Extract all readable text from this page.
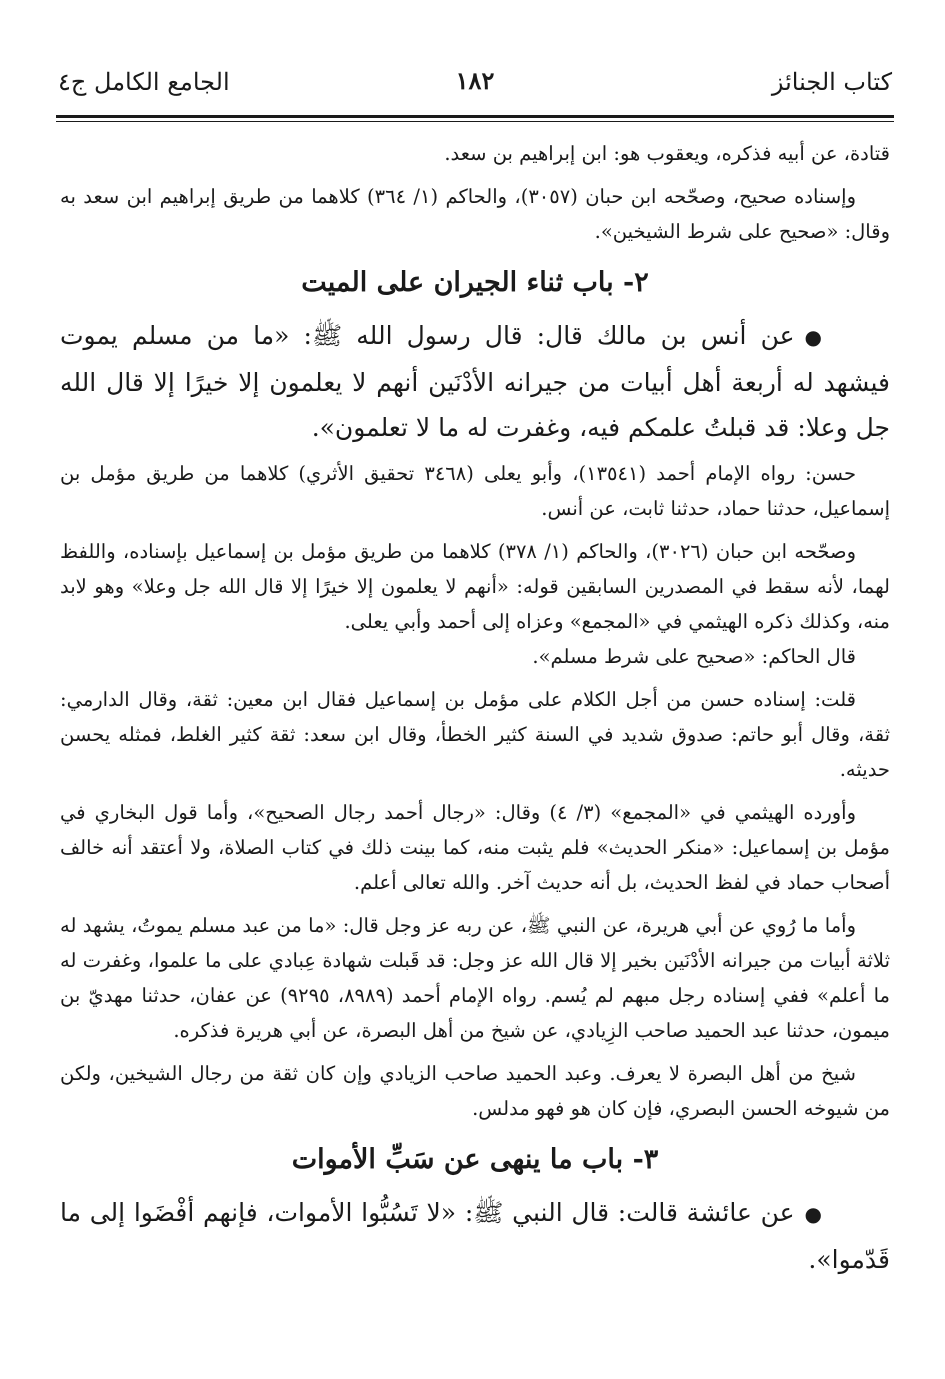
كتاب الجنائز
١٨٢
الجامع الكامل ج٤

قتادة، عن أبيه فذكره، ويعقوب هو: ابن إبراهيم بن سعد.

وإسناده صحيح، وصحّحه ابن حبان (٣٠٥٧)، والحاكم (١/ ٣٦٤) كلاهما من طريق إبراهيم ابن سعد به وقال: «صحيح على شرط الشيخين».

٢- باب ثناء الجيران على الميت

●عن أنس بن مالك قال: قال رسول الله ﷺ: «ما من مسلم يموت فيشهد له أربعة أهل أبيات من جيرانه الأدْنَين أنهم لا يعلمون إلا خيرًا إلا قال الله جل وعلا: قد قبلتُ علمكم فيه، وغفرت له ما لا تعلمون».

حسن: رواه الإمام أحمد (١٣٥٤١)، وأبو يعلى (٣٤٦٨ تحقيق الأثري) كلاهما من طريق مؤمل بن إسماعيل، حدثنا حماد، حدثنا ثابت، عن أنس.

وصحّحه ابن حبان (٣٠٢٦)، والحاكم (١/ ٣٧٨) كلاهما من طريق مؤمل بن إسماعيل بإسناده، واللفظ لهما، لأنه سقط في المصدرين السابقين قوله: «أنهم لا يعلمون إلا خيرًا إلا قال الله جل وعلا» وهو لابد منه، وكذلك ذكره الهيثمي في «المجمع» وعزاه إلى أحمد وأبي يعلى.

قال الحاكم: «صحيح على شرط مسلم».

قلت: إسناده حسن من أجل الكلام على مؤمل بن إسماعيل فقال ابن معين: ثقة، وقال الدارمي: ثقة، وقال أبو حاتم: صدوق شديد في السنة كثير الخطأ، وقال ابن سعد: ثقة كثير الغلط، فمثله يحسن حديثه.

وأورده الهيثمي في «المجمع» (٣/ ٤) وقال: «رجال أحمد رجال الصحيح»، وأما قول البخاري في مؤمل بن إسماعيل: «منكر الحديث» فلم يثبت منه، كما بينت ذلك في كتاب الصلاة، ولا أعتقد أنه خالف أصحاب حماد في لفظ الحديث، بل أنه حديث آخر. والله تعالى أعلم.

وأما ما رُوي عن أبي هريرة، عن النبي ﷺ، عن ربه عز وجل قال: «ما من عبد مسلم يموتُ، يشهد له ثلاثة أبيات من جيرانه الأدْنَين بخير إلا قال الله عز وجل: قد قَبلت شهادة عِبادي على ما علموا، وغفرت له ما أعلم» ففي إسناده رجل مبهم لم يُسم. رواه الإمام أحمد (٨٩٨٩، ٩٢٩٥) عن عفان، حدثنا مهديّ بن ميمون، حدثنا عبد الحميد صاحب الزِيادي، عن شيخ من أهل البصرة، عن أبي هريرة فذكره.

شيخ من أهل البصرة لا يعرف. وعبد الحميد صاحب الزيادي وإن كان ثقة من رجال الشيخين، ولكن من شيوخه الحسن البصري، فإن كان هو فهو مدلس.

٣- باب ما ينهى عن سَبِّ الأموات

●عن عائشة قالت: قال النبي ﷺ: «لا تَسُبُّوا الأموات، فإنهم أفْضَوا إلى ما قَدّموا».
